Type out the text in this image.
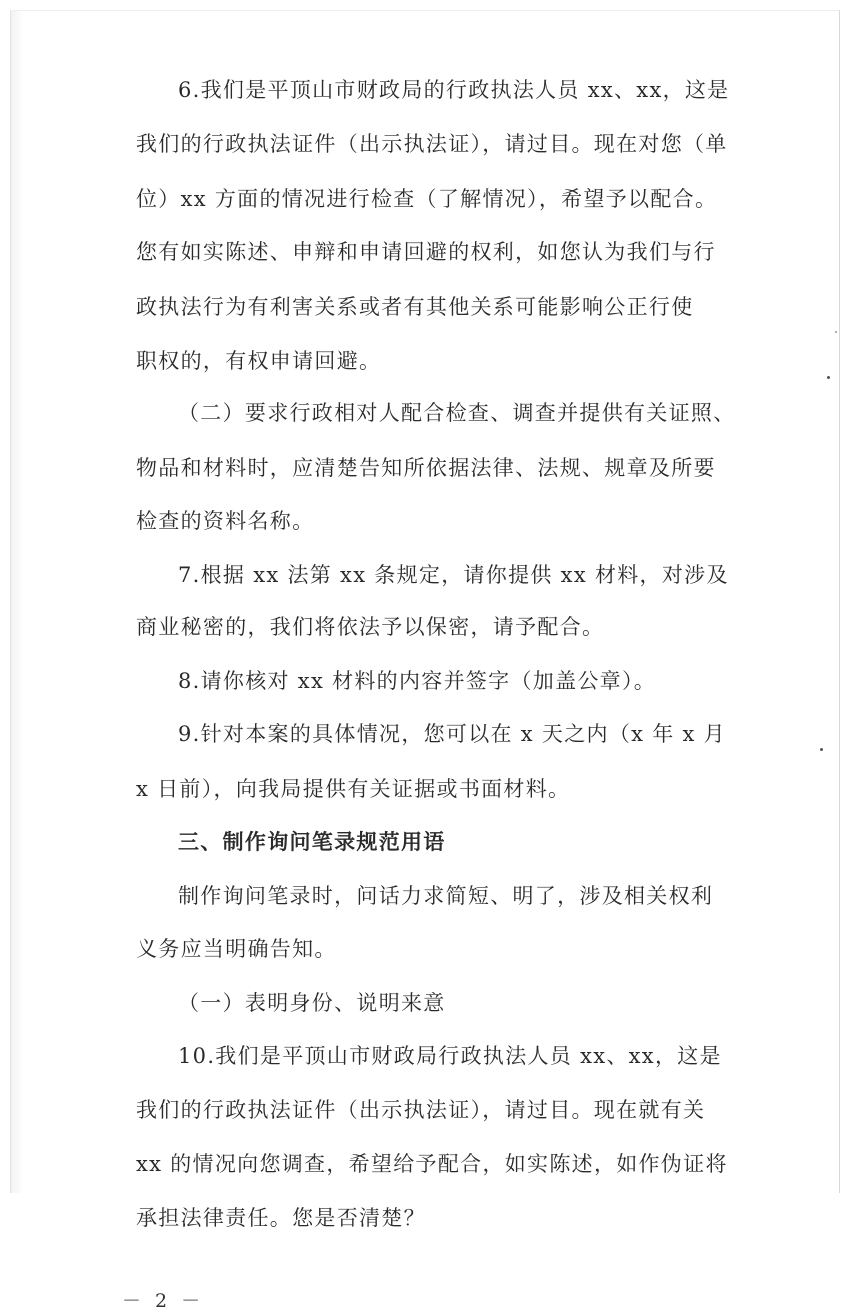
6.我们是平顶山市财政局的行政执法人员 xx、xx，这是
我们的行政执法证件（出示执法证），请过目。现在对您（单
位）xx 方面的情况进行检查（了解情况），希望予以配合。
您有如实陈述、申辩和申请回避的权利，如您认为我们与行
政执法行为有利害关系或者有其他关系可能影响公正行使
职权的，有权申请回避。
（二）要求行政相对人配合检查、调查并提供有关证照、
物品和材料时，应清楚告知所依据法律、法规、规章及所要
检查的资料名称。
7.根据 xx 法第 xx 条规定，请你提供 xx 材料，对涉及
商业秘密的，我们将依法予以保密，请予配合。
8.请你核对 xx 材料的内容并签字（加盖公章）。
9.针对本案的具体情况，您可以在 x 天之内（x 年 x 月
x 日前），向我局提供有关证据或书面材料。
三、制作询问笔录规范用语
制作询问笔录时，问话力求简短、明了，涉及相关权利
义务应当明确告知。
（一）表明身份、说明来意
10.我们是平顶山市财政局行政执法人员 xx、xx，这是
－ 2 －
我们的行政执法证件（出示执法证），请过目。现在就有关
xx 的情况向您调查，希望给予配合，如实陈述，如作伪证将
承担法律责任。您是否清楚？
